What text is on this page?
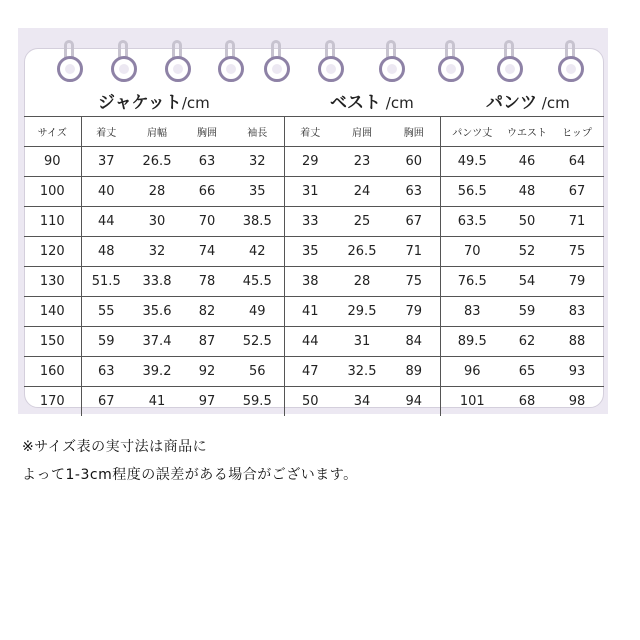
ジャケット/cm	ベスト /cm	パンツ /cm
サイズ	着丈	肩幅	胸囲	袖長	着丈	肩囲	胸囲	パンツ丈	ウエスト	ヒップ
90	37	26.5	63	32	29	23	60	49.5	46	64
100	40	28	66	35	31	24	63	56.5	48	67
110	44	30	70	38.5	33	25	67	63.5	50	71
120	48	32	74	42	35	26.5	71	70	52	75
130	51.5	33.8	78	45.5	38	28	75	76.5	54	79
140	55	35.6	82	49	41	29.5	79	83	59	83
150	59	37.4	87	52.5	44	31	84	89.5	62	88
160	63	39.2	92	56	47	32.5	89	96	65	93
170	67	41	97	59.5	50	34	94	101	68	98
※サイズ表の実寸法は商品に
よって1-3cm程度の誤差がある場合がございます。
